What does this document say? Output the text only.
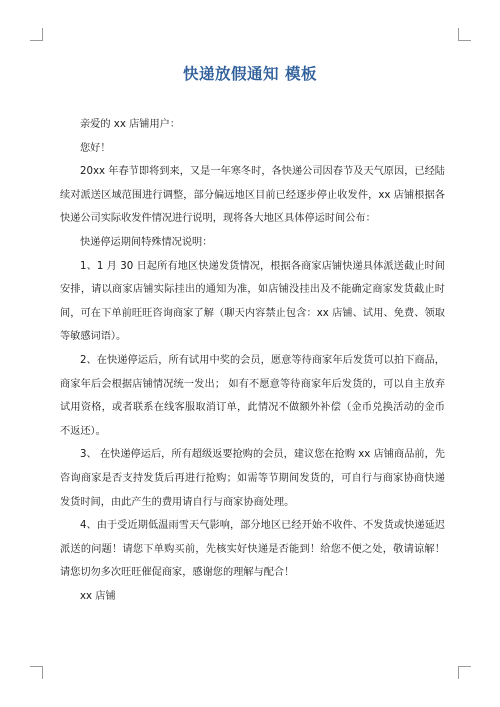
快递放假通知 模板

亲爱的 xx 店铺用户：

您好！

20xx 年春节即将到来，又是一年寒冬时，各快递公司因春节及天气原因，已经陆续对派送区域范围进行调整，部分偏远地区目前已经逐步停止收发件，xx 店铺根据各快递公司实际收发件情况进行说明，现将各大地区具体停运时间公布：

快递停运期间特殊情况说明：

1、1 月 30 日起所有地区快递发货情况，根据各商家店铺快递具体派送截止时间安排，请以商家店铺实际挂出的通知为准，如店铺没挂出及不能确定商家发货截止时间，可在下单前旺旺咨询商家了解（聊天内容禁止包含：xx 店铺、试用、免费、领取等敏感词语）。

2、在快递停运后，所有试用中奖的会员，愿意等待商家年后发货可以拍下商品，商家年后会根据店铺情况统一发出； 如有不愿意等待商家年后发货的，可以自主放弃试用资格，或者联系在线客服取消订单，此情况不做额外补偿（金币兑换活动的金币不返还）。

3、 在快递停运后，所有超级返要抢购的会员，建议您在抢购 xx 店铺商品前，先咨询商家是否支持发货后再进行抢购；如需等节期间发货的，可自行与商家协商快递发货时间，由此产生的费用请自行与商家协商处理。

4、由于受近期低温雨雪天气影响，部分地区已经开始不收件、不发货或快递延迟派送的问题！请您下单购买前，先核实好快递是否能到！给您不便之处，敬请谅解！请您切勿多次旺旺催促商家，感谢您的理解与配合！

xx 店铺
